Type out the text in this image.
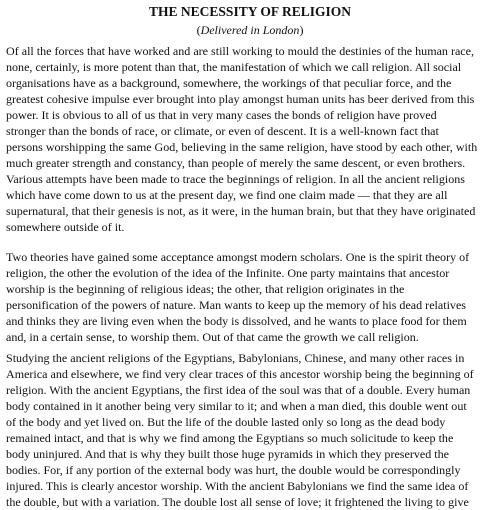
THE NECESSITY OF RELIGION
(Delivered in London)
Of all the forces that have worked and are still working to mould the destinies of the human race,
none, certainly, is more potent than that, the manifestation of which we call religion. All social
organisations have as a background, somewhere, the workings of that peculiar force, and the
greatest cohesive impulse ever brought into play amongst human units has beer derived from this
power. It is obvious to all of us that in very many cases the bonds of religion have proved
stronger than the bonds of race, or climate, or even of descent. It is a well-known fact that
persons worshipping the same God, believing in the same religion, have stood by each other, with
much greater strength and constancy, than people of merely the same descent, or even brothers.
Various attempts have been made to trace the beginnings of religion. In all the ancient religions
which have come down to us at the present day, we find one claim made — that they are all
supernatural, that their genesis is not, as it were, in the human brain, but that they have originated
somewhere outside of it.
Two theories have gained some acceptance amongst modern scholars. One is the spirit theory of
religion, the other the evolution of the idea of the Infinite. One party maintains that ancestor
worship is the beginning of religious ideas; the other, that religion originates in the
personification of the powers of nature. Man wants to keep up the memory of his dead relatives
and thinks they are living even when the body is dissolved, and he wants to place food for them
and, in a certain sense, to worship them. Out of that came the growth we call religion.
Studying the ancient religions of the Egyptians, Babylonians, Chinese, and many other races in
America and elsewhere, we find very clear traces of this ancestor worship being the beginning of
religion. With the ancient Egyptians, the first idea of the soul was that of a double. Every human
body contained in it another being very similar to it; and when a man died, this double went out
of the body and yet lived on. But the life of the double lasted only so long as the dead body
remained intact, and that is why we find among the Egyptians so much solicitude to keep the
body uninjured. And that is why they built those huge pyramids in which they preserved the
bodies. For, if any portion of the external body was hurt, the double would be correspondingly
injured. This is clearly ancestor worship. With the ancient Babylonians we find the same idea of
the double, but with a variation. The double lost all sense of love; it frightened the living to give
